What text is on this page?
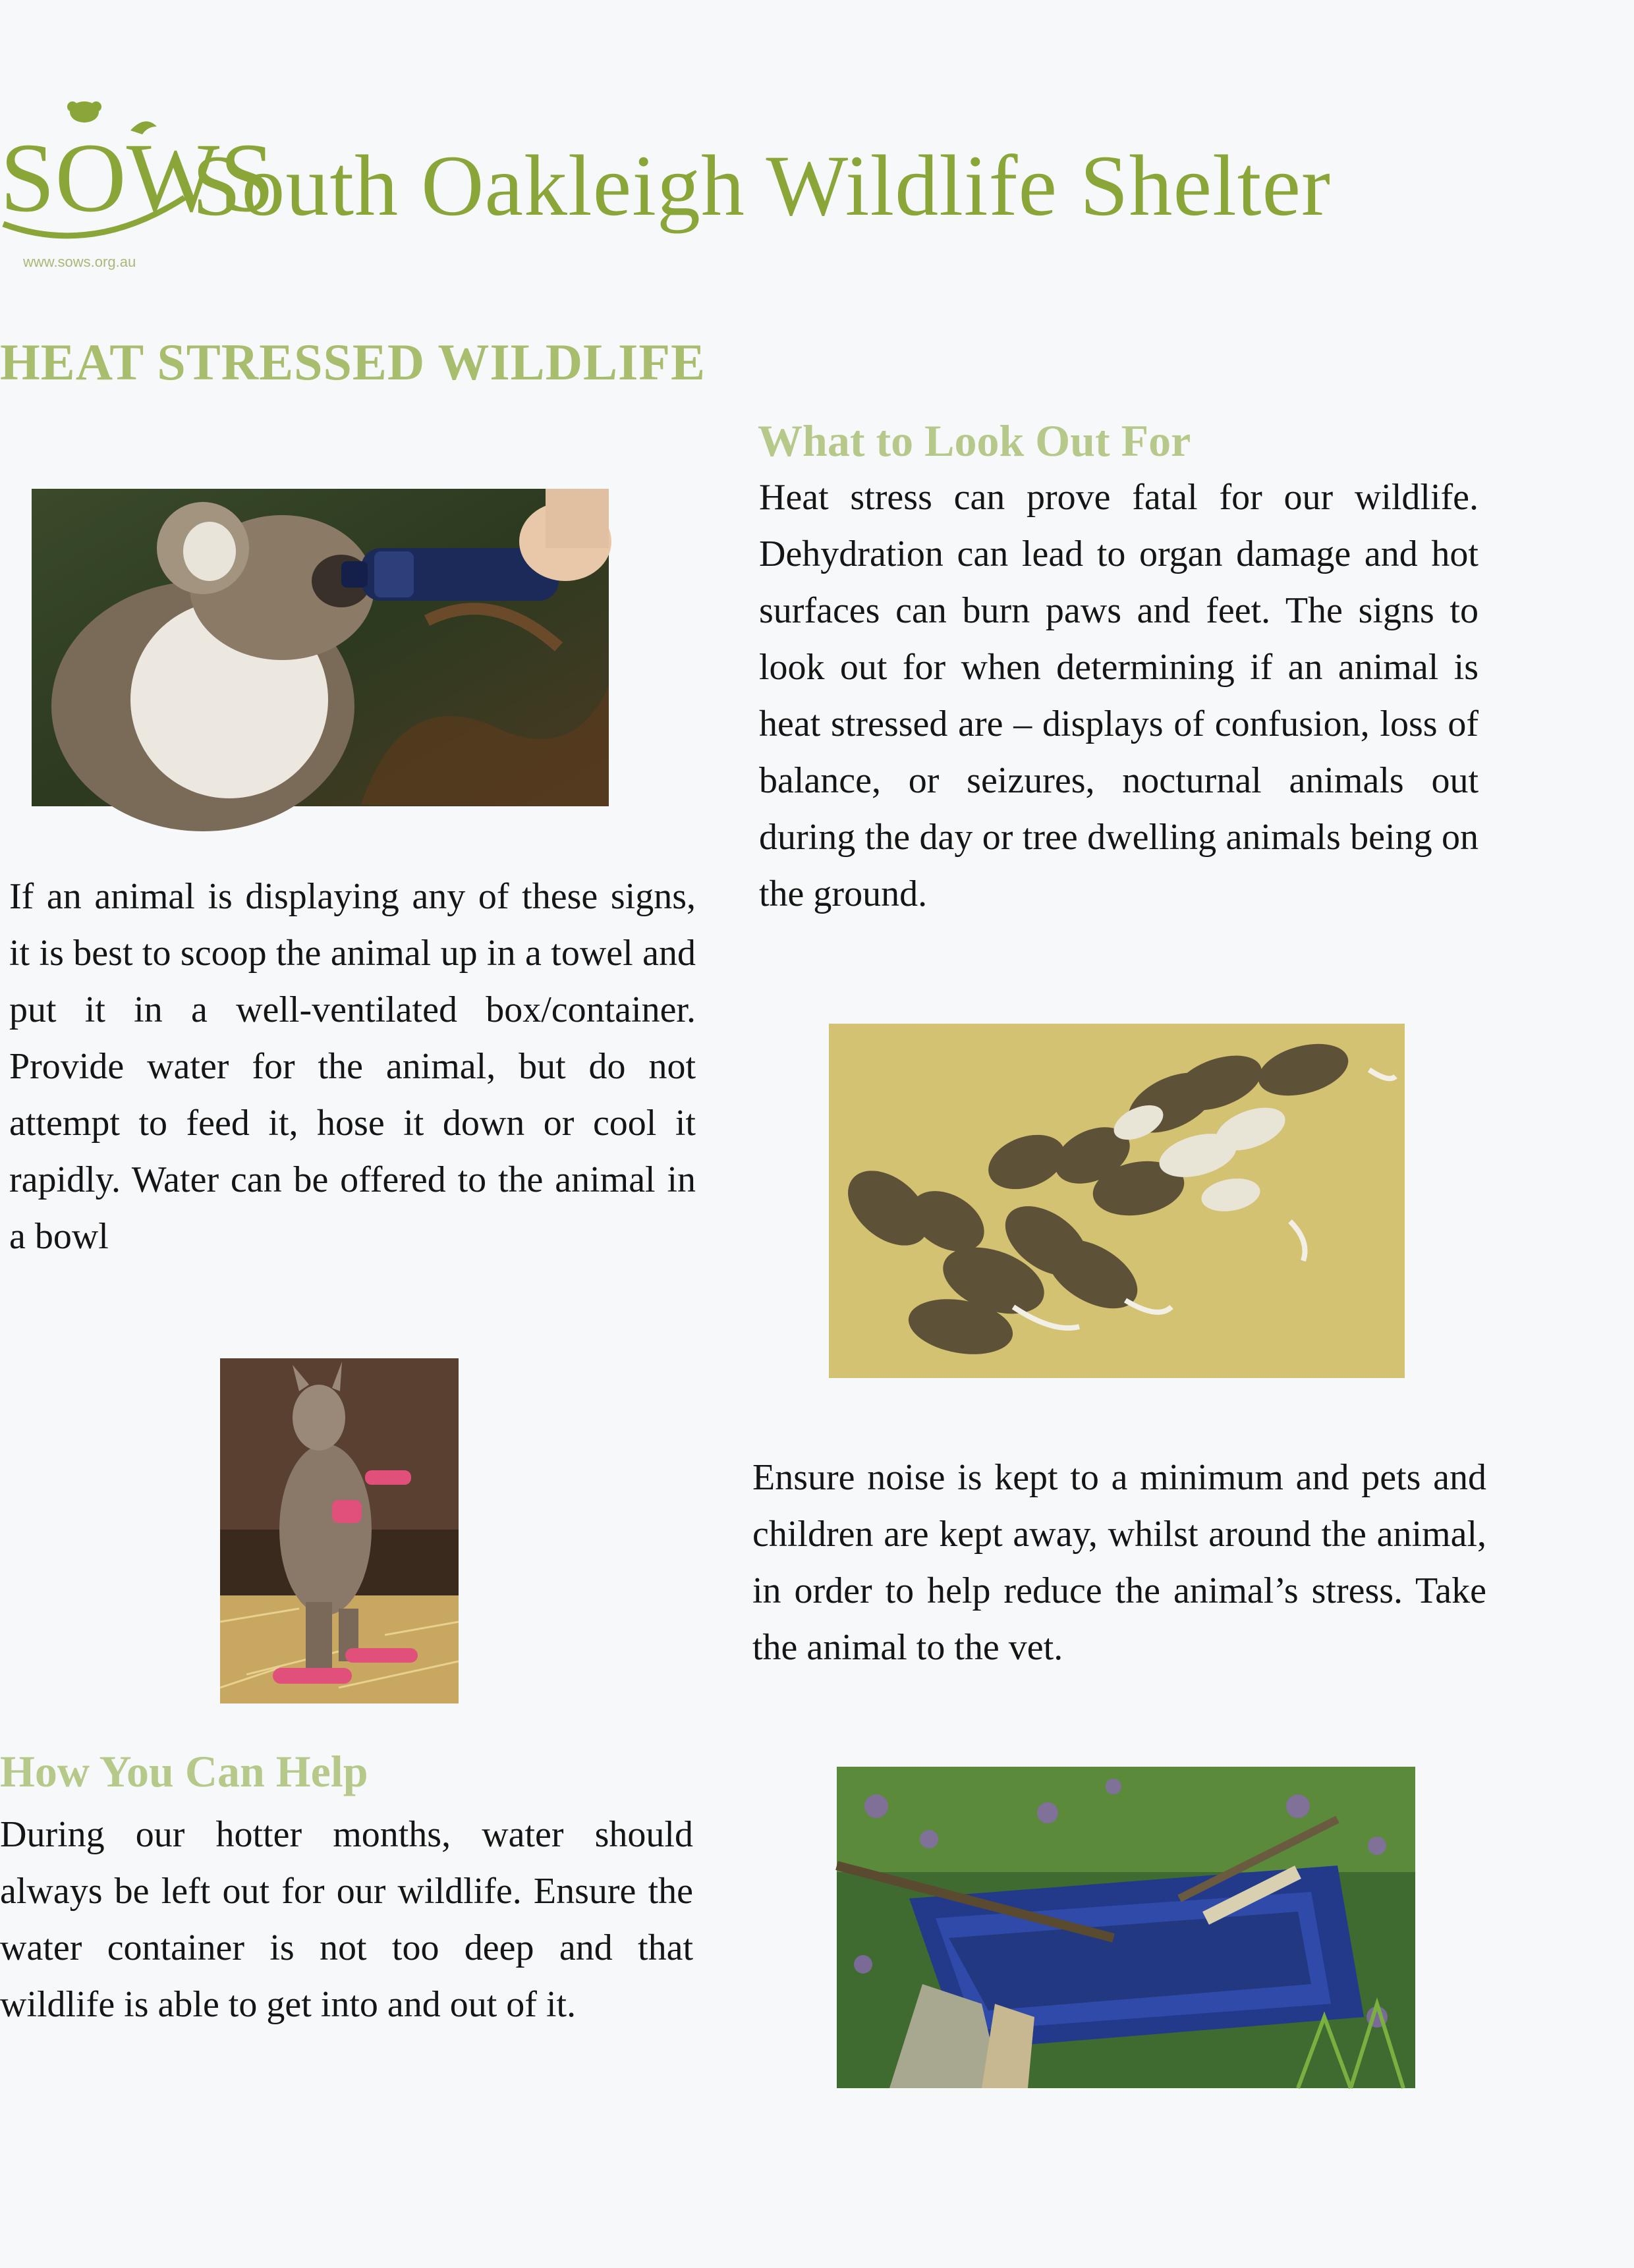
SOWS
South Oakleigh Wildlife Shelter
www.sows.org.au
HEAT STRESSED WILDLIFE
What to Look Out For
Heat stress can prove fatal for our wildlife. Dehydration can lead to organ damage and hot surfaces can burn paws and feet. The signs to look out for when determining if an animal is heat stressed are – displays of confusion, loss of balance, or seizures, nocturnal animals out during the day or tree dwelling animals being on the ground.
If an animal is displaying any of these signs, it is best to scoop the animal up in a towel and put it in a well-ventilated box/container. Provide water for the animal, but do not attempt to feed it, hose it down or cool it rapidly. Water can be offered to the animal in a bowl
Ensure noise is kept to a minimum and pets and children are kept away, whilst around the animal, in order to help reduce the animal’s stress. Take the animal to the vet.
How You Can Help
During our hotter months, water should always be left out for our wildlife. Ensure the water container is not too deep and that wildlife is able to get into and out of it.
